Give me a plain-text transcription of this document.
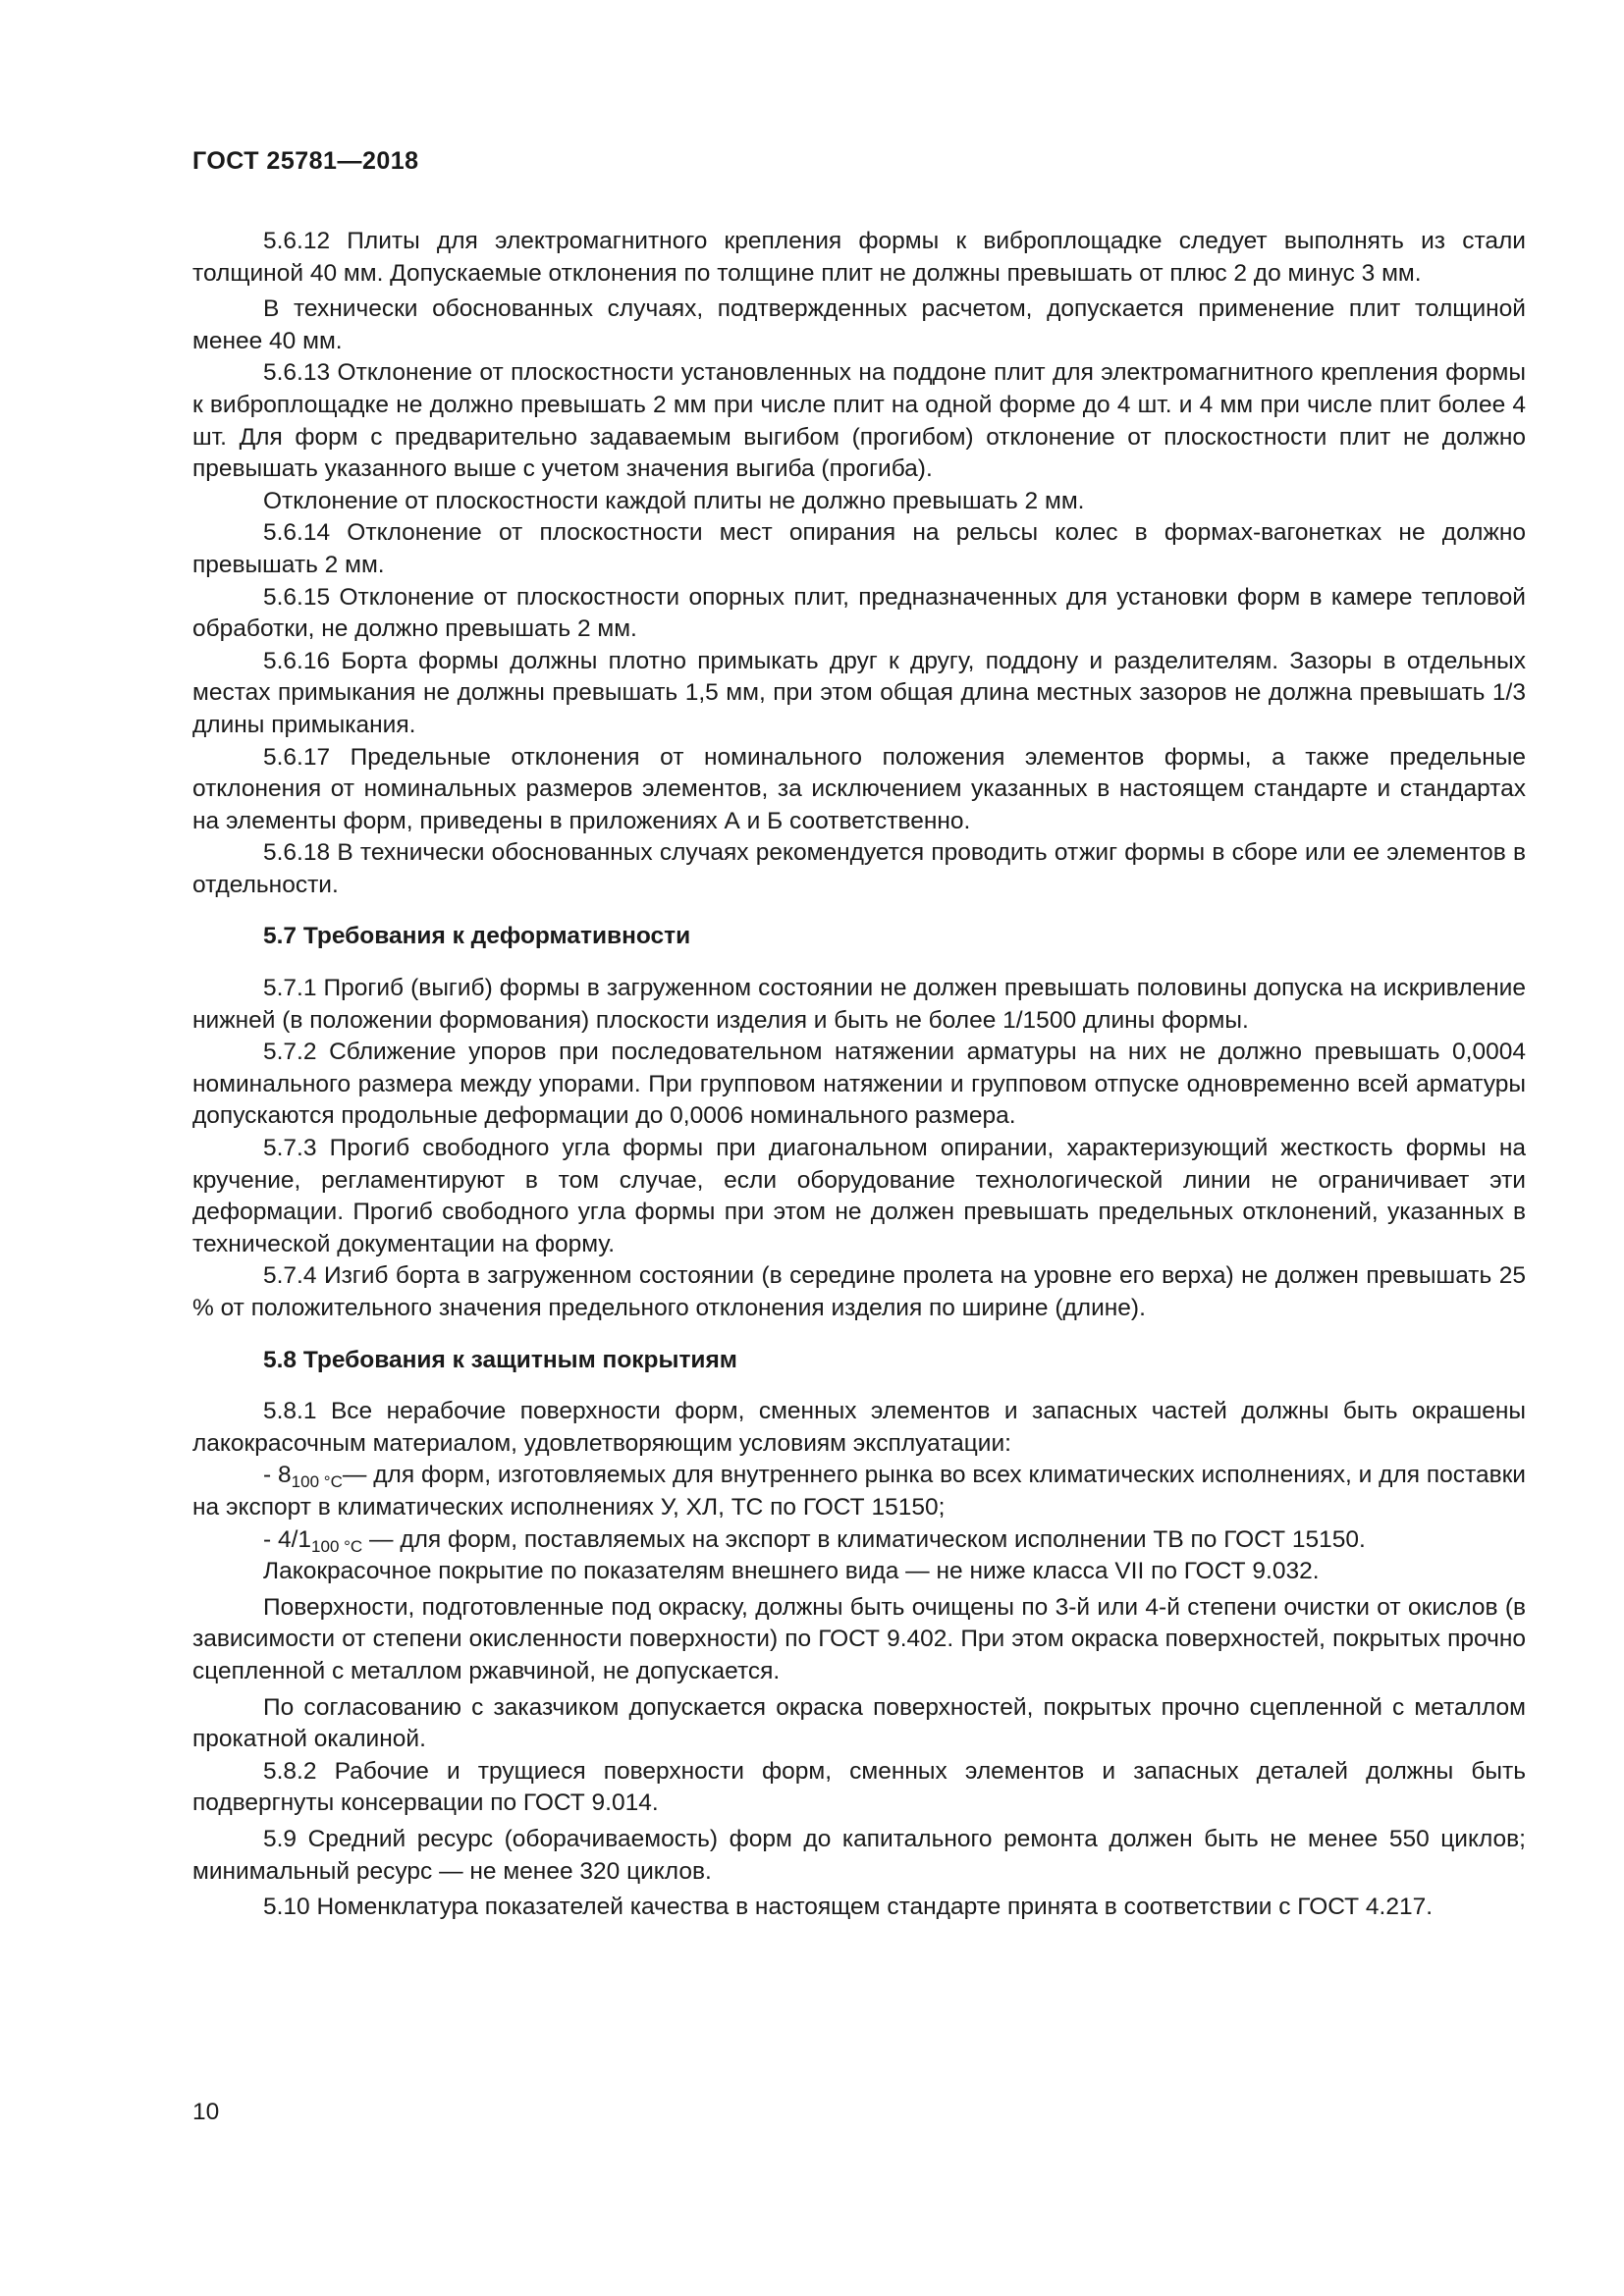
ГОСТ 25781—2018

5.6.12 Плиты для электромагнитного крепления формы к виброплощадке следует выполнять из стали толщиной 40 мм. Допускаемые отклонения по толщине плит не должны превышать от плюс 2 до минус 3 мм.

В технически обоснованных случаях, подтвержденных расчетом, допускается применение плит толщиной менее 40 мм.

5.6.13 Отклонение от плоскостности установленных на поддоне плит для электромагнитного крепления формы к виброплощадке не должно превышать 2 мм при числе плит на одной форме до 4 шт. и 4 мм при числе плит более 4 шт. Для форм с предварительно задаваемым выгибом (прогибом) отклонение от плоскостности плит не должно превышать указанного выше с учетом значения выгиба (прогиба).

Отклонение от плоскостности каждой плиты не должно превышать 2 мм.

5.6.14 Отклонение от плоскостности мест опирания на рельсы колес в формах-вагонетках не должно превышать 2 мм.

5.6.15 Отклонение от плоскостности опорных плит, предназначенных для установки форм в камере тепловой обработки, не должно превышать 2 мм.

5.6.16 Борта формы должны плотно примыкать друг к другу, поддону и разделителям. Зазоры в отдельных местах примыкания не должны превышать 1,5 мм, при этом общая длина местных зазоров не должна превышать 1/3 длины примыкания.

5.6.17 Предельные отклонения от номинального положения элементов формы, а также предельные отклонения от номинальных размеров элементов, за исключением указанных в настоящем стандарте и стандартах на элементы форм, приведены в приложениях А и Б соответственно.

5.6.18 В технически обоснованных случаях рекомендуется проводить отжиг формы в сборе или ее элементов в отдельности.

5.7 Требования к деформативности

5.7.1 Прогиб (выгиб) формы в загруженном состоянии не должен превышать половины допуска на искривление нижней (в положении формования) плоскости изделия и быть не более 1/1500 длины формы.

5.7.2 Сближение упоров при последовательном натяжении арматуры на них не должно превышать 0,0004 номинального размера между упорами. При групповом натяжении и групповом отпуске одновременно всей арматуры допускаются продольные деформации до 0,0006 номинального размера.

5.7.3 Прогиб свободного угла формы при диагональном опирании, характеризующий жесткость формы на кручение, регламентируют в том случае, если оборудование технологической линии не ограничивает эти деформации. Прогиб свободного угла формы при этом не должен превышать предельных отклонений, указанных в технической документации на форму.

5.7.4 Изгиб борта в загруженном состоянии (в середине пролета на уровне его верха) не должен превышать 25 % от положительного значения предельного отклонения изделия по ширине (длине).

5.8 Требования к защитным покрытиям

5.8.1 Все нерабочие поверхности форм, сменных элементов и запасных частей должны быть окрашены лакокрасочным материалом, удовлетворяющим условиям эксплуатации:

- $8_{100 ^\circ С}—$ для форм, изготовляемых для внутреннего рынка во всех климатических исполнениях, и для поставки на экспорт в климатических исполнениях У, ХЛ, ТС по ГОСТ 15150;

- $4/1_{100 ^\circ С}$ — для форм, поставляемых на экспорт в климатическом исполнении ТВ по ГОСТ 15150.

Лакокрасочное покрытие по показателям внешнего вида — не ниже класса VII по ГОСТ 9.032.

Поверхности, подготовленные под окраску, должны быть очищены по 3-й или 4-й степени очистки от окислов (в зависимости от степени окисленности поверхности) по ГОСТ 9.402. При этом окраска поверхностей, покрытых прочно сцепленной с металлом ржавчиной, не допускается.

По согласованию с заказчиком допускается окраска поверхностей, покрытых прочно сцепленной с металлом прокатной окалиной.

5.8.2 Рабочие и трущиеся поверхности форм, сменных элементов и запасных деталей должны быть подвергнуты консервации по ГОСТ 9.014.

5.9 Средний ресурс (оборачиваемость) форм до капитального ремонта должен быть не менее 550 циклов; минимальный ресурс — не менее 320 циклов.

5.10 Номенклатура показателей качества в настоящем стандарте принята в соответствии с ГОСТ 4.217.

10
